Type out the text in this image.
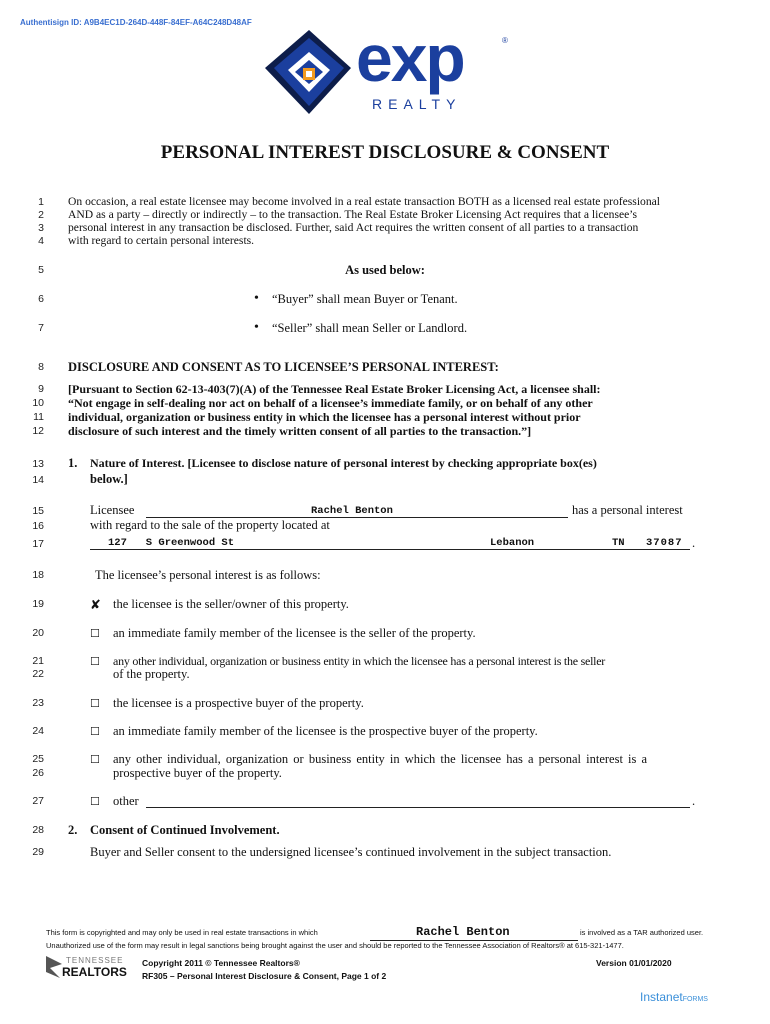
Authentisign ID: A9B4EC1D-264D-448F-84EF-A64C248D48AF exp	®
REALTY
PERSONAL INTEREST DISCLOSURE & CONSENT
1
2
3
4
5
6
7
8
9
10
11
12
13
14
15
16
17
18
19
20
21
22
23
24
25
26
27
28
29
On occasion, a real estate licensee may become involved in a real estate transaction BOTH as a licensed real estate professional
AND as a party – directly or indirectly – to the transaction. The Real Estate Broker Licensing Act requires that a licensee’s
personal interest in any transaction be disclosed. Further, said Act requires the written consent of all parties to a transaction
with regard to certain personal interests.
As used below:
• “Buyer” shall mean Buyer or Tenant.
• “Seller” shall mean Seller or Landlord.
DISCLOSURE AND CONSENT AS TO LICENSEE’S PERSONAL INTEREST:
[Pursuant to Section 62-13-403(7)(A) of the Tennessee Real Estate Broker Licensing Act, a licensee shall:
“Not engage in self-dealing nor act on behalf of a licensee’s immediate family, or on behalf of any other
individual, organization or business entity in which the licensee has a personal interest without prior
disclosure of such interest and the timely written consent of all parties to the transaction.”]
1. Nature of Interest. [Licensee to disclose nature of personal interest by checking appropriate box(es)
below.]
Licensee	Rachel Benton	has a personal interest
with regard to the sale of the property located at
127   S Greenwood St	Lebanon	TN 37087 .
The licensee’s personal interest is as follows:
✘ the licensee is the seller/owner of this property.
☐ an immediate family member of the licensee is the seller of the property.
☐ any other individual, organization or business entity in which the licensee has a personal interest is the seller
of the property.
☐ the licensee is a prospective buyer of the property.
☐ an immediate family member of the licensee is the prospective buyer of the property.
☐ any other individual, organization or business entity in which the licensee has a personal interest is a
prospective buyer of the property.
☐ other	.
2. Consent of Continued Involvement.
Buyer and Seller consent to the undersigned licensee’s continued involvement in the subject transaction.
This form is copyrighted and may only be used in real estate transactions in which	Rachel Benton	is involved as a TAR authorized user.
Unauthorized use of the form may result in legal sanctions being brought against the user and should be reported to the Tennessee Association of Realtors® at 615-321-1477.
TENNESSEE
REALTORS
Copyright 2011 © Tennessee Realtors®
RF305 – Personal Interest Disclosure & Consent, Page 1 of 2
Version 01/01/2020
InstanetFORMS
